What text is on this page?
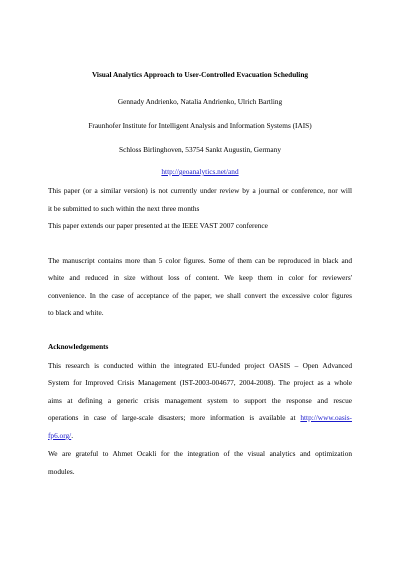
Visual Analytics Approach to User-Controlled Evacuation Scheduling
Gennady Andrienko, Natalia Andrienko, Ulrich Bartling
Fraunhofer Institute for Intelligent Analysis and Information Systems (IAIS)
Schloss Birlinghoven, 53754 Sankt Augustin, Germany
http://geoanalytics.net/and
This paper (or a similar version) is not currently under review by a journal or conference, nor will
it be submitted to such within the next three months
This paper extends our paper presented at the IEEE VAST 2007 conference
The manuscript contains more than 5 color figures. Some of them can be reproduced in black and
white and reduced in size without loss of content. We keep them in color for reviewers'
convenience. In the case of acceptance of the paper, we shall convert the excessive color figures
to black and white.
Acknowledgements
This research is conducted within the integrated EU-funded project OASIS – Open Advanced
System for Improved Crisis Management (IST-2003-004677, 2004-2008). The project as a whole
aims at defining a generic crisis management system to support the response and rescue
operations in case of large-scale disasters; more information is available at http://www.oasis-
fp6.org/.
We are grateful to Ahmet Ocakli for the integration of the visual analytics and optimization
modules.
